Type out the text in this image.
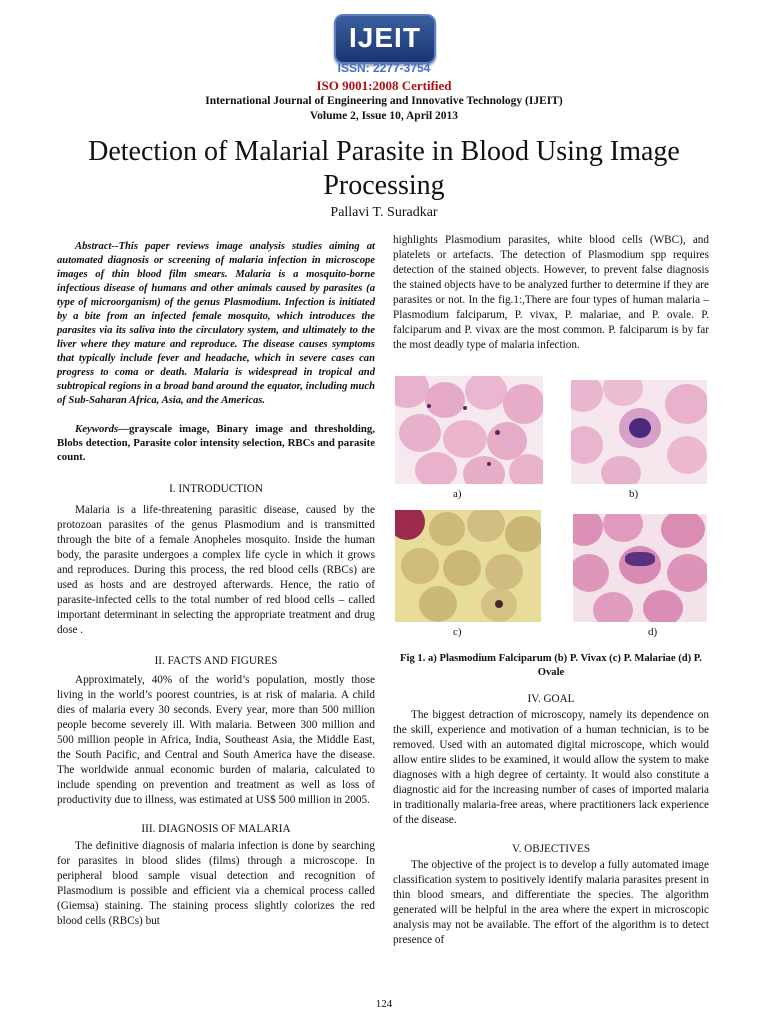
IJEIT
ISSN: 2277-3754
ISO 9001:2008 Certified
International Journal of Engineering and Innovative Technology (IJEIT)
Volume 2, Issue 10, April 2013
Detection of Malarial Parasite in Blood Using Image Processing
Pallavi T. Suradkar

Abstract--This paper reviews image analysis studies aiming at automated diagnosis or screening of malaria infection in microscope images of thin blood film smears. Malaria is a mosquito-borne infectious disease of humans and other animals caused by parasites (a type of microorganism) of the genus Plasmodium. Infection is initiated by a bite from an infected female mosquito, which introduces the parasites via its saliva into the circulatory system, and ultimately to the liver where they mature and reproduce. The disease causes symptoms that typically include fever and headache, which in severe cases can progress to coma or death. Malaria is widespread in tropical and subtropical regions in a broad band around the equator, including much of Sub-Saharan Africa, Asia, and the Americas.

Keywords—grayscale image, Binary image and thresholding, Blobs detection, Parasite color intensity selection, RBCs and parasite count.

I. INTRODUCTION

Malaria is a life-threatening parasitic disease, caused by the protozoan parasites of the genus Plasmodium and is transmitted through the bite of a female Anopheles mosquito. Inside the human body, the parasite undergoes a complex life cycle in which it grows and reproduces. During this process, the red blood cells (RBCs) are used as hosts and are destroyed afterwards. Hence, the ratio of parasite-infected cells to the total number of red blood cells – called important determinant in selecting the appropriate treatment and drug dose .

II. FACTS AND FIGURES

Approximately, 40% of the world’s population, mostly those living in the world’s poorest countries, is at risk of malaria. A child dies of malaria every 30 seconds. Every year, more than 500 million people become severely ill. With malaria. Between 300 million and 500 million people in Africa, India, Southeast Asia, the Middle East, the South Pacific, and Central and South America have the disease. The worldwide annual economic burden of malaria, calculated to include spending on prevention and treatment as well as loss of productivity due to illness, was estimated at US$ 500 million in 2005.

III. DIAGNOSIS OF MALARIA

The definitive diagnosis of malaria infection is done by searching for parasites in blood slides (films) through a microscope. In peripheral blood sample visual detection and recognition of Plasmodium is possible and efficient via a chemical process called (Giemsa) staining. The staining process slightly colorizes the red blood cells (RBCs) but

highlights Plasmodium parasites, white blood cells (WBC), and platelets or artefacts. The detection of Plasmodium spp requires detection of the stained objects. However, to prevent false diagnosis the stained objects have to be analyzed further to determine if they are parasites or not. In the fig.1:,There are four types of human malaria – Plasmodium falciparum, P. vivax, P. malariae, and P. ovale. P. falciparum and P. vivax are the most common. P. falciparum is by far the most deadly type of malaria infection.

a)	b)
c)	d)
Fig 1. a) Plasmodium Falciparum (b) P. Vivax (c) P. Malariae (d) P. Ovale

IV. GOAL

The biggest detraction of microscopy, namely its dependence on the skill, experience and motivation of a human technician, is to be removed. Used with an automated digital microscope, which would allow entire slides to be examined, it would allow the system to make diagnoses with a high degree of certainty. It would also constitute a diagnostic aid for the increasing number of cases of imported malaria in traditionally malaria-free areas, where practitioners lack experience of the disease.

V. OBJECTIVES

The objective of the project is to develop a fully automated image classification system to positively identify malaria parasites present in thin blood smears, and differentiate the species. The algorithm generated will be helpful in the area where the expert in microscopic analysis may not be available. The effort of the algorithm is to detect presence of

124
